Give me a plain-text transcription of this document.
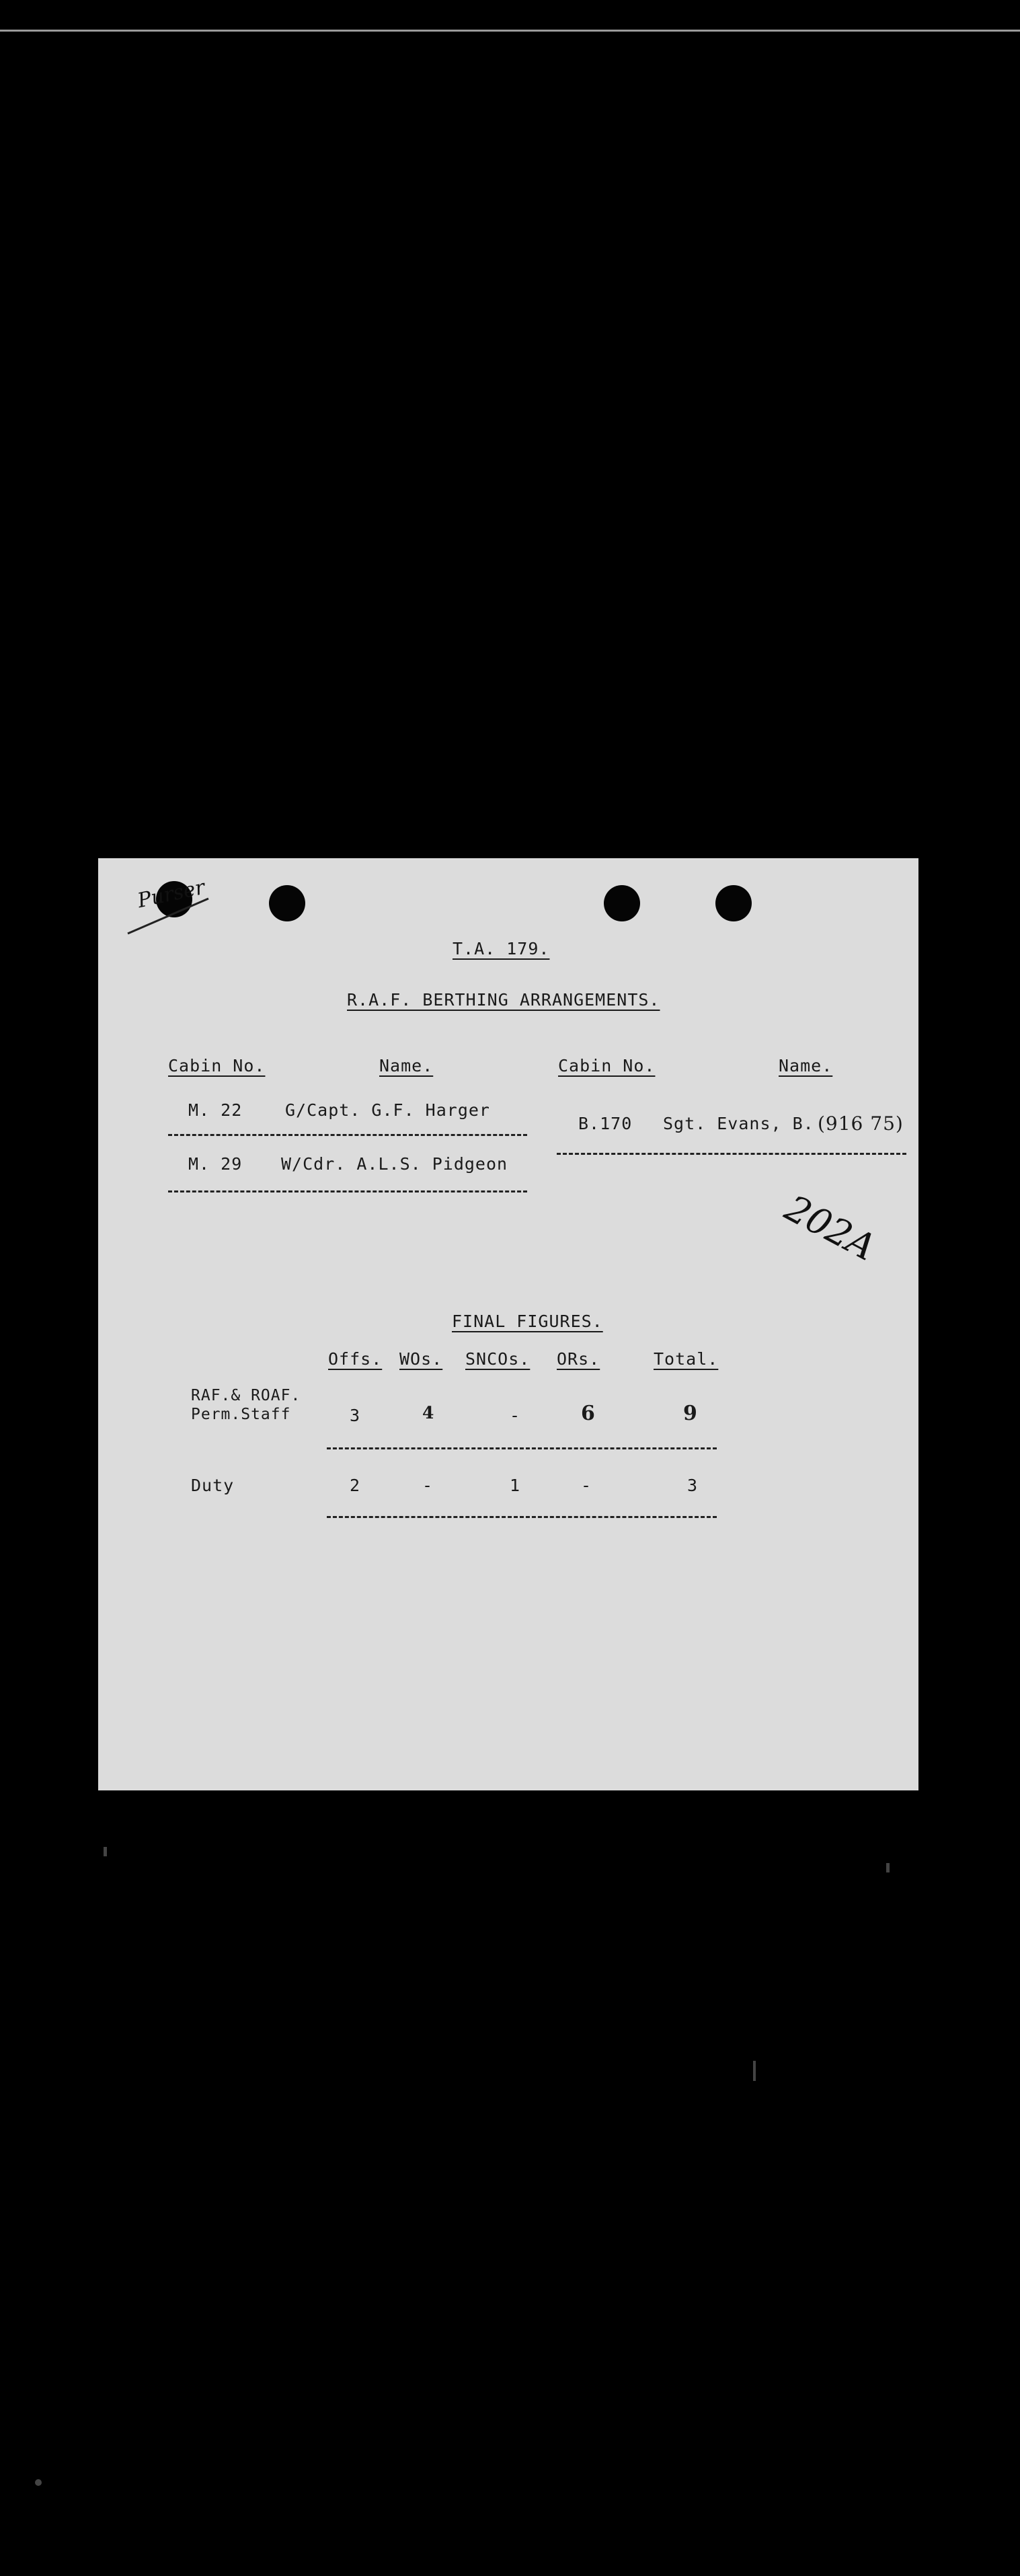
Purser
T.A. 179.
R.A.F. BERTHING ARRANGEMENTS.
Cabin No.	Name.
M. 22	G/Capt. G.F. Harger
M. 29 W/Cdr. A.L.S. Pidgeon
Cabin No.	Name.
B.170 Sgt. Evans, B. (916 75)
202A
FINAL FIGURES.
Offs. WOs. SNCOs. ORs.	Total.
RAF.& ROAF.
Perm.Staff	3	4	-	6	9
Duty	2	-	1	-	3
